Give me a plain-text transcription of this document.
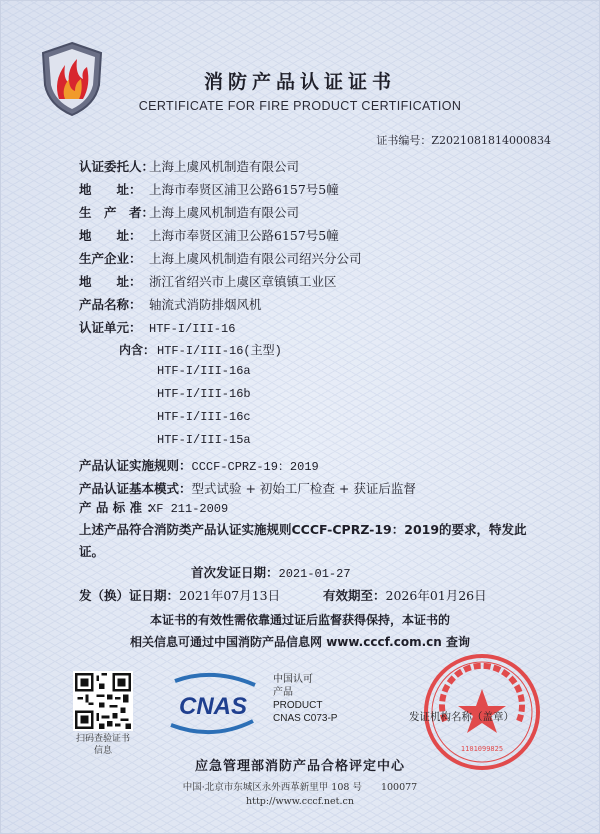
消防产品认证证书
CERTIFICATE FOR FIRE PRODUCT CERTIFICATION
证书编号：Z2021081814000834
认证委托人：上海上虞风机制造有限公司
地　　址： 上海市奉贤区浦卫公路6157号5幢
生　产　者：上海上虞风机制造有限公司
地　　址： 上海市奉贤区浦卫公路6157号5幢
生产企业： 上海上虞风机制造有限公司绍兴分公司
地　　址： 浙江省绍兴市上虞区章镇镇工业区
产品名称： 轴流式消防排烟风机
认证单元： HTF-I/III-16
内含： HTF-I/III-16(主型)
HTF-I/III-16a
HTF-I/III-16b
HTF-I/III-16c
HTF-I/III-15a
产品认证实施规则：CCCF-CPRZ-19：2019
产品认证基本模式：型式试验 + 初始工厂检查 + 获证后监督
产 品 标 准 ：XF 211-2009
上述产品符合消防类产品认证实施规则CCCF-CPRZ-19：2019的要求，特发此证。
首次发证日期：2021-01-27
发（换）证日期：2021年07月13日	有效期至：2026年01月26日
本证书的有效性需依靠通过证后监督获得保持，本证书的
相关信息可通过中国消防产品信息网 www.cccf.com.cn 查询
扫码查验证书信息
CNAS
中国认可
产品
PRODUCT
CNAS C073-P
1101099825
发证机构名称（盖章）
应急管理部消防产品合格评定中心
中国·北京市东城区永外西革新里甲 108 号　　100077
http://www.cccf.net.cn
